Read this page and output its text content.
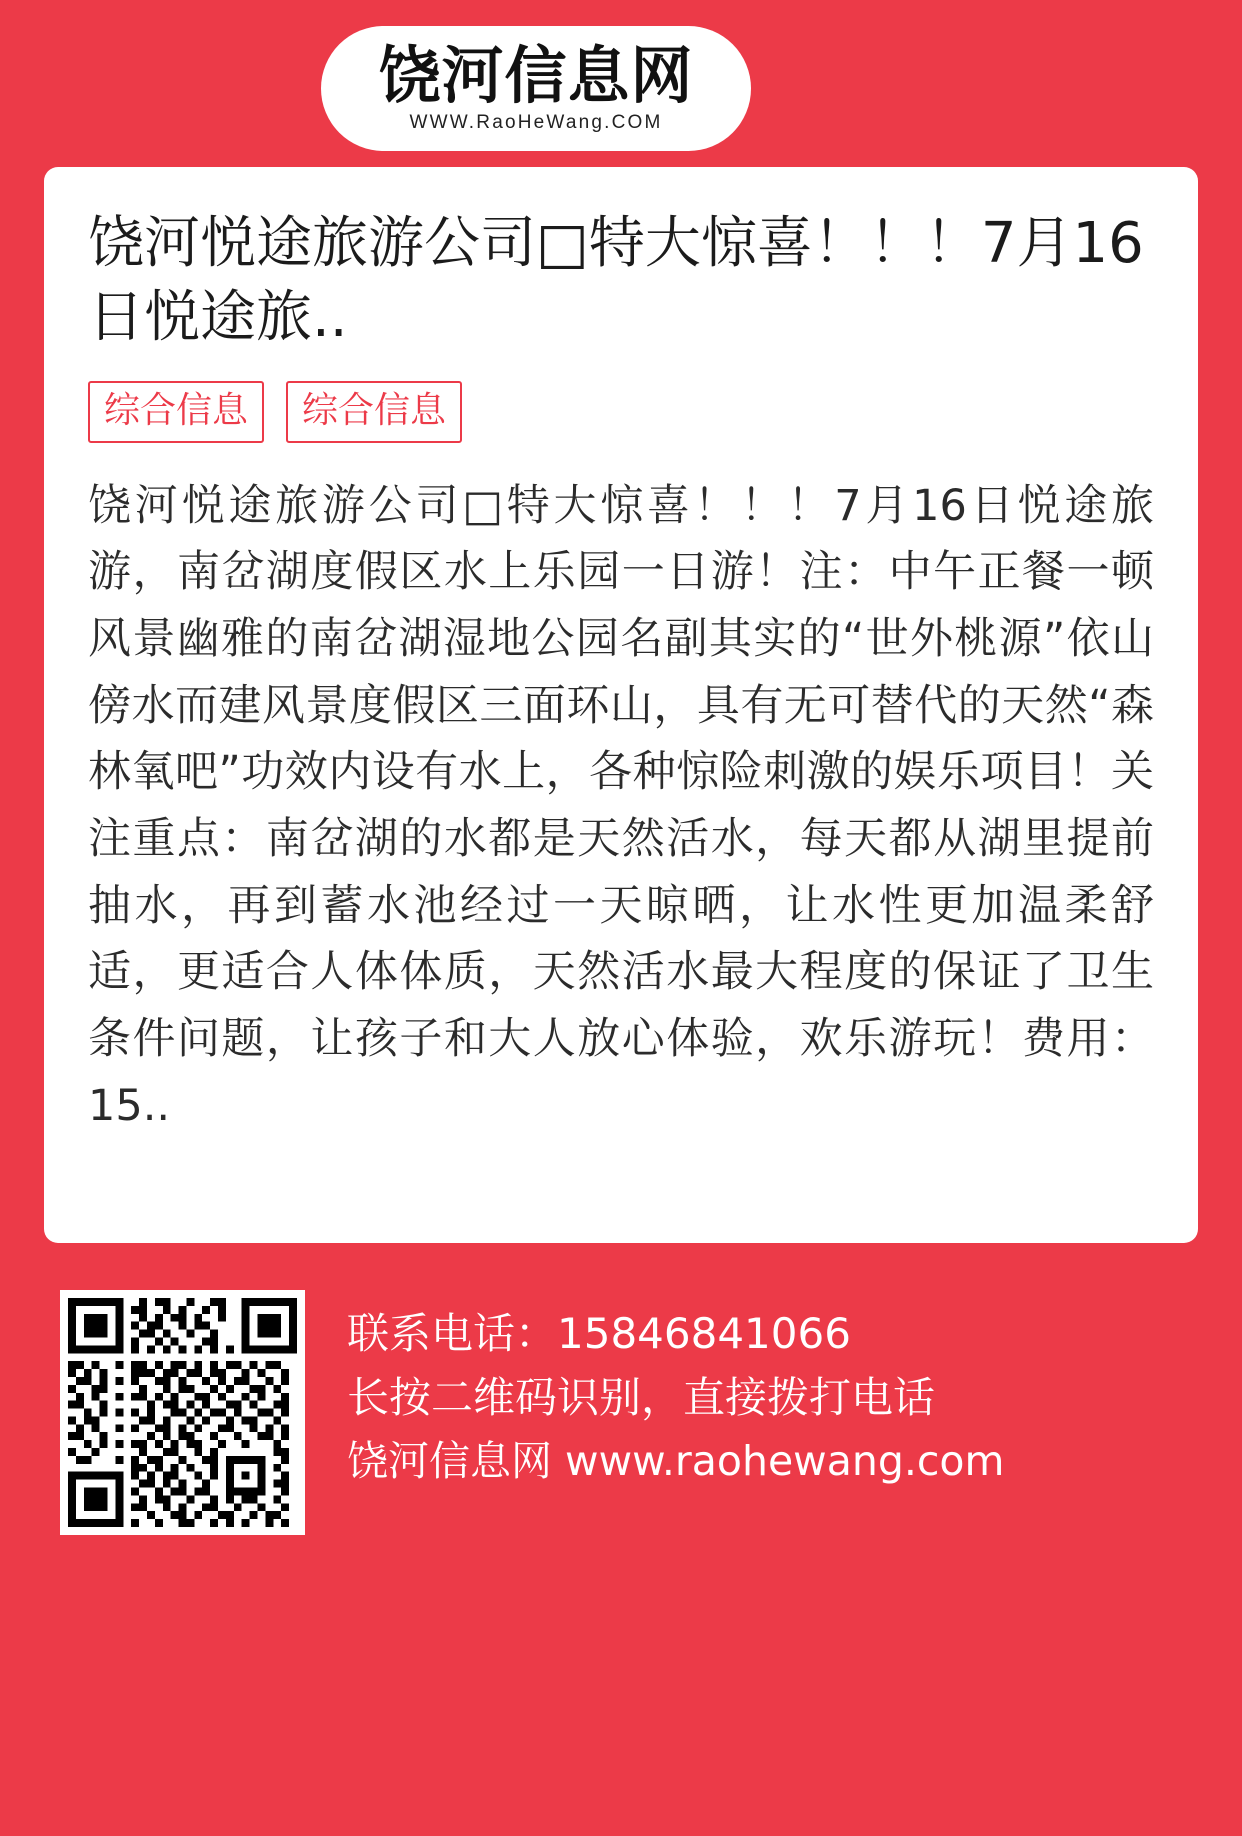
饶河信息网
WWW.RaoHeWang.COM
饶河悦途旅游公司□特大惊喜！！！7月16日悦途旅..
综合信息	综合信息

饶河悦途旅游公司□特大惊喜！！！7月16日悦途旅游，南岔湖度假区水上乐园一日游！注：中午正餐一顿风景幽雅的南岔湖湿地公园名副其实的“世外桃源”依山傍水而建风景度假区三面环山，具有无可替代的天然“森林氧吧”功效内设有水上，各种惊险刺激的娱乐项目！关注重点：南岔湖的水都是天然活水，每天都从湖里提前抽水，再到蓄水池经过一天晾晒，让水性更加温柔舒适，更适合人体体质，天然活水最大程度的保证了卫生条件问题，让孩子和大人放心体验，欢乐游玩！费用：15..

联系电话：15846841066
长按二维码识别，直接拨打电话
饶河信息网 www.raohewang.com
